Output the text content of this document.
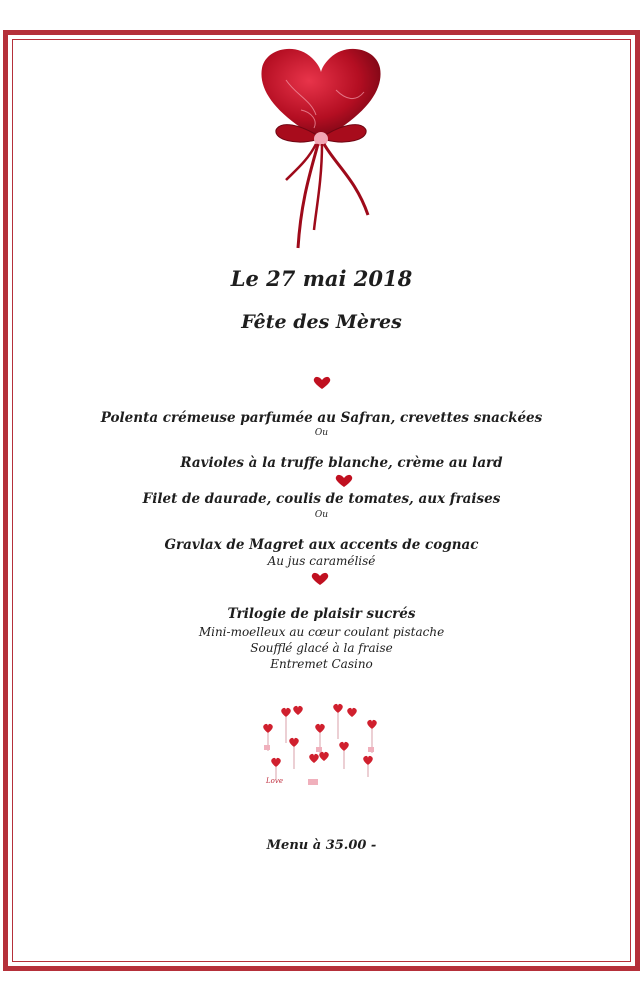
Le 27 mai 2018
Fête des Mères
Polenta crémeuse parfumée au Safran, crevettes snackées
Ou
Ravioles à la truffe blanche, crème au lard
Filet de daurade, coulis de tomates, aux fraises
Ou
Gravlax de Magret aux accents de cognac
Au jus caramélisé
Trilogie de plaisir sucrés
Mini-moelleux au cœur coulant pistache
Soufflé glacé à la fraise
Entremet Casino
Love
Menu à 35.00 -
